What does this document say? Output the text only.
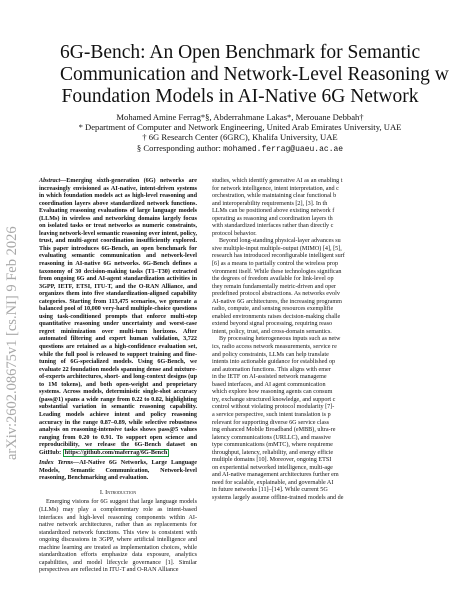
arXiv:2602.08675v1 [cs.NI] 9 Feb 2026
6G-Bench: An Open Benchmark for Semantic
Communication and Network-Level Reasoning w
Foundation Models in AI-Native 6G Network
Mohamed Amine Ferrag*§, Abderrahmane Lakas*, Merouane Debbah†
* Department of Computer and Network Engineering, United Arab Emirates University, UAE
† 6G Research Center (6GRC), Khalifa University, UAE
§ Corresponding author: mohamed.ferrag@uaeu.ac.ae
Abstract—Emerging sixth-generation (6G) networks are increasingly envisioned as AI-native, intent-driven systems in which foundation models act as high-level reasoning and coordination layers above standardized network functions. Evaluating reasoning evaluations of large language models (LLMs) in wireless and networking domains largely focus on isolated tasks or treat networks as numeric constraints, leaving network-level semantic reasoning over intent, policy, trust, and multi-agent coordination insufficiently explored. This paper introduces 6G-Bench, an open benchmark for evaluating semantic communication and network-level reasoning in AI-native 6G networks. 6G-Bench defines a taxonomy of 30 decision-making tasks (T1–T30) extracted from ongoing 6G and AI-agent standardization activities in 3GPP, IETF, ETSI, ITU-T, and the O-RAN Alliance, and organizes them into five standardization-aligned capability categories. Starting from 113,475 scenarios, we generate a balanced pool of 10,000 very-hard multiple-choice questions using task-conditioned prompts that enforce multi-step quantitative reasoning under uncertainty and worst-case regret minimization over multi-turn horizons. After automated filtering and expert human validation, 3,722 questions are retained as a high-confidence evaluation set, while the full pool is released to support training and fine-tuning of 6G-specialized models. Using 6G-Bench, we evaluate 22 foundation models spanning dense and mixture-of-experts architectures, short- and long-context designs (up to 1M tokens), and both open-weight and proprietary systems. Across models, deterministic single-shot accuracy (pass@1) spans a wide range from 0.22 to 0.82, highlighting substantial variation in semantic reasoning capability. Leading models achieve intent and policy reasoning accuracy in the range 0.87–0.89, while selective robustness analysis on reasoning-intensive tasks shows pass@5 values ranging from 0.20 to 0.91. To support open science and reproducibility, we release the 6G-Bench dataset on GitHub: https://github.com/maferrag/6G-Bench
Index Terms—AI-Native 6G Networks, Large Language Models, Semantic Communication, Network-level reasoning, Benchmarking and evaluation.
I. Introduction
Emerging visions for 6G suggest that large language models (LLMs) may play a complementary role as intent-based interfaces and high-level reasoning components within AI-native network architectures, rather than as replacements for standardized network functions. This view is consistent with ongoing discussions in 3GPP, where artificial intelligence and machine learning are treated as implementation choices, while standardization efforts emphasize data exposure, analytics capabilities, and model lifecycle governance [1]. Similar perspectives are reflected in ITU-T and O-RAN Alliance
studies, which identify generative AI as an enabling t
for network intelligence, intent interpretation, and c
orchestration, while maintaining clear functional b
and interoperability requirements [2], [3]. In th
LLMs can be positioned above existing network f
operating as reasoning and coordination layers th
with standardized interfaces rather than directly c
protocol behavior.
Beyond long-standing physical-layer advances su
sive multiple-input multiple-output (MIMO) [4], [5],
research has introduced reconfigurable intelligent surf
[6] as a means to partially control the wireless prop
vironment itself. While these technologies significan
the degrees of freedom available for link-level op
they remain fundamentally metric-driven and oper
predefined protocol abstractions. As networks evolv
AI-native 6G architectures, the increasing programm
radio, compute, and sensing resources exemplifie
enabled environments raises decision-making challe
extend beyond signal processing, requiring reaso
intent, policy, trust, and cross-domain semantics.
By processing heterogeneous inputs such as netw
ics, radio access network measurements, service re
and policy constraints, LLMs can help translate
intents into actionable guidance for established op
and automation functions. This aligns with emer
in the IETF on AI-assisted network manageme
based interfaces, and AI agent communication
which explore how reasoning agents can consum
try, exchange structured knowledge, and support c
control without violating protocol modularity [7]-
a service perspective, such intent translation is p
relevant for supporting diverse 6G service class
ing enhanced Mobile Broadband (eMBB), ultra-re
latency communications (URLLC), and massive
type communications (mMTC), where requireme
throughput, latency, reliability, and energy efficie
multiple domains [10]. Moreover, ongoing ETSI
on experiential networked intelligence, multi-age
and AI-native management architectures further em
need for scalable, explainable, and governable AI
in future networks [11]–[14]. While current 5G
systems largely assume offline-trained models and de
